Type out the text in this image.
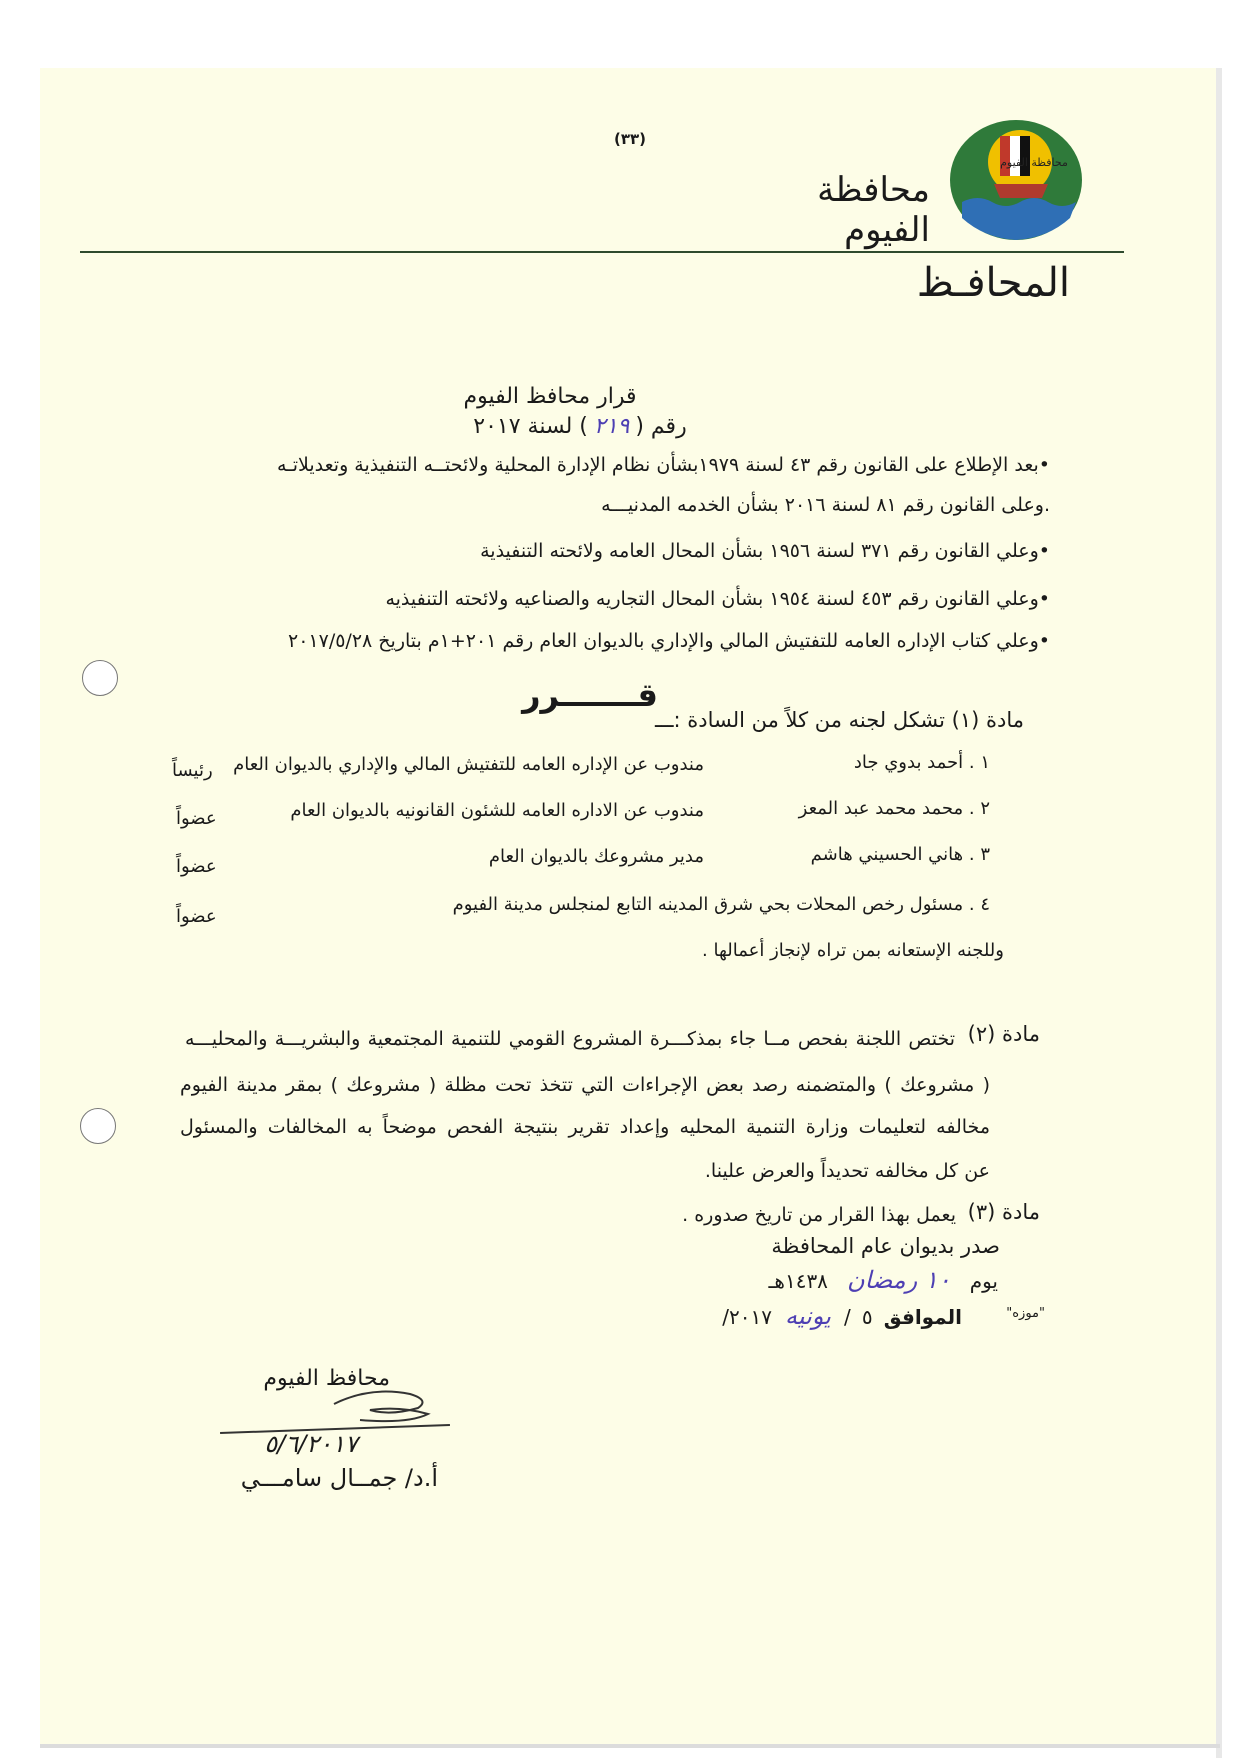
(٣٣)
محافظة الفيوم
محافظة الفيوم
المحافـظ
قرار محافظ الفيوم
رقم (٢١٩) لسنة ٢٠١٧
•بعد الإطلاع على القانون رقم ٤٣ لسنة ١٩٧٩بشأن نظام الإدارة المحلية ولائحتــه التنفيذية وتعديلاتـه
.وعلى القانون رقم ٨١ لسنة ٢٠١٦ بشأن الخدمه المدنيـــه
•وعلي القانون رقم ٣٧١ لسنة ١٩٥٦ بشأن المحال العامه ولائحته التنفيذية
•وعلي القانون رقم ٤٥٣ لسنة ١٩٥٤ بشأن المحال التجاريه والصناعيه ولائحته التنفيذيه
•وعلي كتاب الإداره العامه للتفتيش المالي والإداري بالديوان العام رقم ٢٠١+١م بتاريخ ٢٠١٧/٥/٢٨
قـــــــرر
مادة (١) تشكل لجنه من كلاً من السادة :ـــ
١ . أحمد بدوي جاد
مندوب عن الإداره العامه للتفتيش المالي والإداري بالديوان العام
رئيساً
٢ . محمد محمد عبد المعز
مندوب عن الاداره العامه للشئون القانونيه بالديوان العام
عضواً
٣ . هاني الحسيني هاشم
مدير مشروعك بالديوان العام
عضواً
٤ . مسئول رخص المحلات بحي شرق المدينه التابع لمنجلس مدينة الفيوم
عضواً
وللجنه الإستعانه بمن تراه لإنجاز أعمالها .
مادة (٢)
تختص اللجنة بفحص مــا جاء بمذكـــرة المشروع القومي للتنمية المجتمعية والبشريـــة والمحليـــه
( مشروعك ) والمتضمنه رصد بعض الإجراءات التي تتخذ تحت مظلة ( مشروعك ) بمقر مدينة الفيوم
مخالفه لتعليمات وزارة التنمية المحليه وإعداد تقرير بنتيجة الفحص موضحاً به المخالفات والمسئول
عن كل مخالفه تحديداً والعرض علينا.
مادة (٣)
يعمل بهذا القرار من تاريخ صدوره .
صدر بديوان عام المحافظة
يوم ١٠ رمضان ١٤٣٨هـ
"موزه"
الموافق ٥ / يونيه ٢٠١٧/
محافظ الفيوم
٥/٦/٢٠١٧
أ.د/ جمــال سامـــي
